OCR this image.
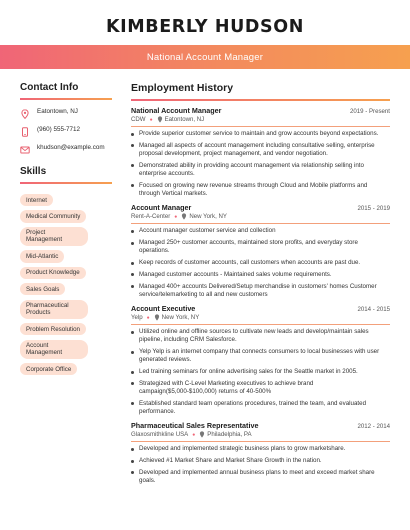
KIMBERLY HUDSON
National Account Manager
Contact Info
Eatontown, NJ
(960) 555-7712
khudson@example.com
Skills
Internet
Medical Community
Project Management
Mid-Atlantic
Product Knowledge
Sales Goals
Pharmaceutical Products
Problem Resolution
Account Management
Corporate Office
Employment History
National Account Manager	2019 - Present
CDW ● Eatontown, NJ
Provide superior customer service to maintain and grow accounts beyond expectations.
Managed all aspects of account management including consultative selling, enterprise proposal development, project management, and vendor negotiation.
Demonstrated ability in providing account management via relationship selling into enterprise accounts.
Focused on growing new revenue streams through Cloud and Mobile platforms and through Vertical markets.
Account Manager	2015 - 2019
Rent-A-Center ● New York, NY
Account manager customer service and collection
Managed 250+ customer accounts, maintained store profits, and everyday store operations.
Keep records of customer accounts, call customers when accounts are past due.
Managed customer accounts - Maintained sales volume requirements.
Managed 400+ accounts Delivered/Setup merchandise in customers' homes Customer service/telemarketing to all and new customers
Account Executive	2014 - 2015
Yelp ● New York, NY
Utilized online and offline sources to cultivate new leads and develop/maintain sales pipeline, including CRM Salesforce.
Yelp Yelp is an internet company that connects consumers to local businesses with user generated reviews.
Led training seminars for online advertising sales for the Seattle market in 2005.
Strategized with C-Level Marketing executives to achieve brand campaign($5,000-$100,000) returns of 40-500%
Established standard team operations procedures, trained the team, and evaluated performance.
Pharmaceutical Sales Representative	2012 - 2014
Glaxosmithkline USA ● Philadelphia, PA
Developed and implemented strategic business plans to grow marketshare.
Achieved #1 Market Share and Market Share Growth in the nation.
Developed and implemented annual business plans to meet and exceed market share goals.
